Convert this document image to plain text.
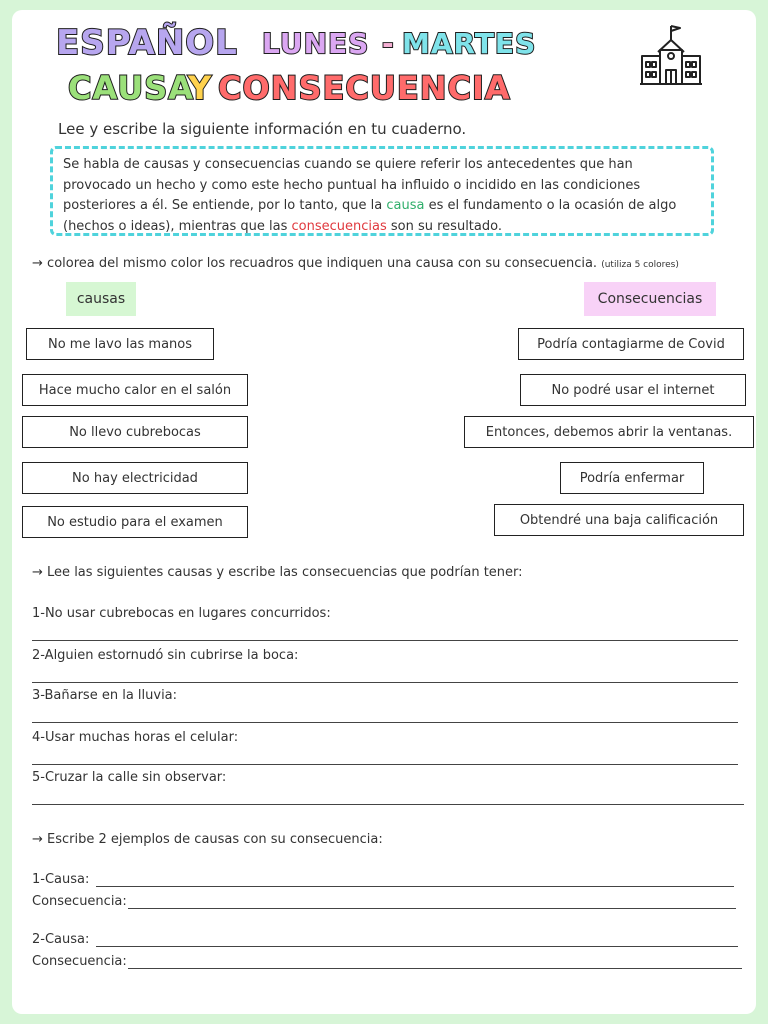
ESPAÑOL LUNES - MARTES
CAUSA
Y CONSECUENCIA
Lee y escribe la siguiente información en tu cuaderno.
Se habla de causas y consecuencias cuando se quiere referir los antecedentes que han provocado un hecho y como este hecho puntual ha influido o incidido en las condiciones posteriores a él. Se entiende, por lo tanto, que la causa es el fundamento o la ocasión de algo (hechos o ideas), mientras que las consecuencias son su resultado.
→ colorea del mismo color los recuadros que indiquen una causa con su consecuencia. (utiliza 5 colores)
causas	Consecuencias
No me lavo las manos
Hace mucho calor en el salón
No llevo cubrebocas
No hay electricidad
No estudio para el examen
Podría contagiarme de Covid
No podré usar el internet
Entonces, debemos abrir la ventanas.
Podría enfermar
Obtendré una baja calificación
→ Lee las siguientes causas y escribe las consecuencias que podrían tener:
1-No usar cubrebocas en lugares concurridos:
2-Alguien estornudó sin cubrirse la boca:
3-Bañarse en la lluvia:
4-Usar muchas horas el celular:
5-Cruzar la calle sin observar:
→ Escribe 2 ejemplos de causas con su consecuencia:
1-Causa:
Consecuencia:
2-Causa:
Consecuencia:
